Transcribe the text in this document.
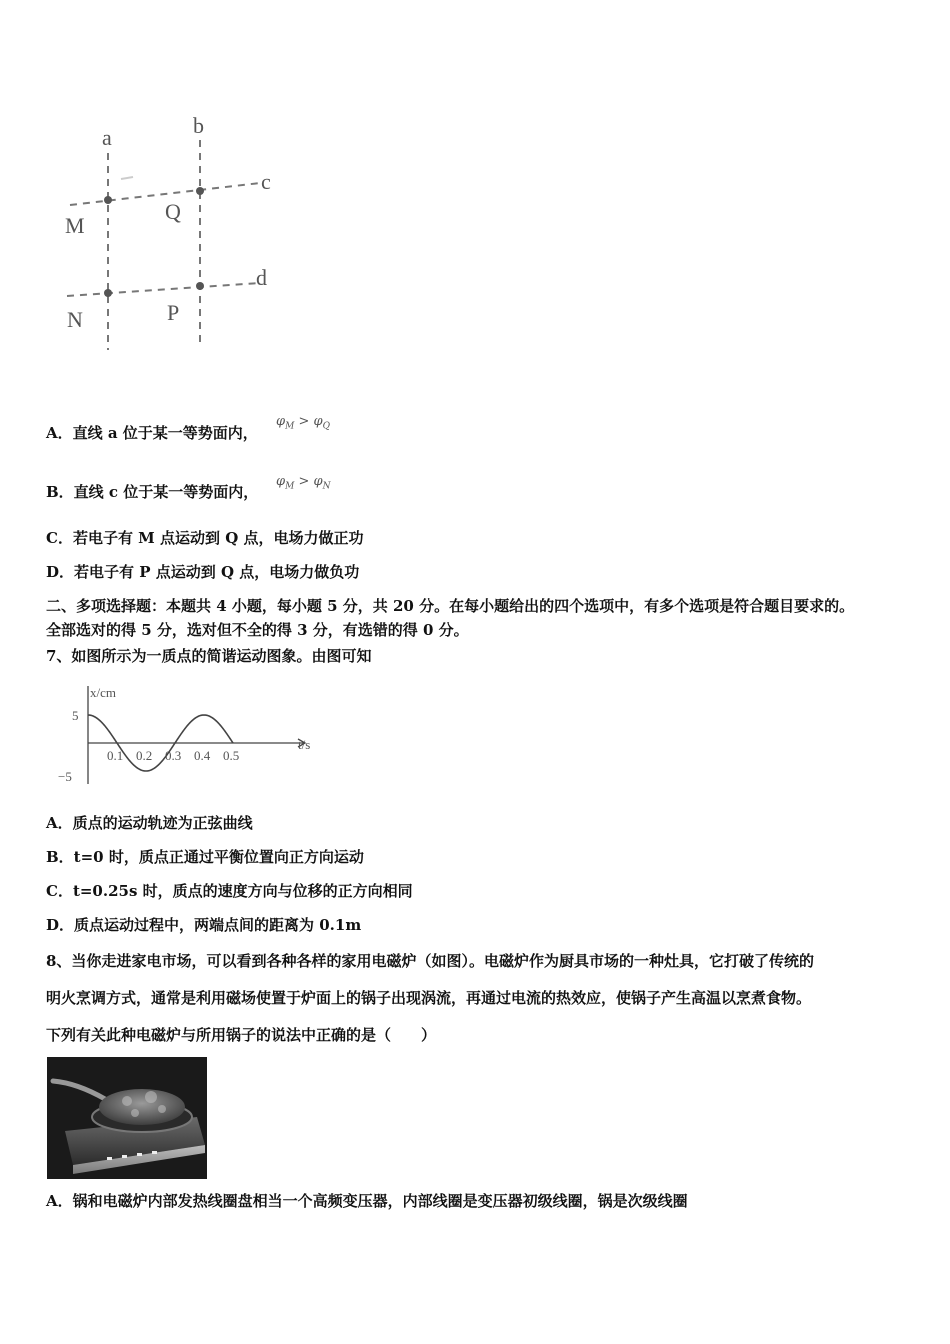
a	b
c
d
M
Q
N	P
A．直线 a 位于某一等势面内，
$\varphi_M > \varphi_Q$
B．直线 c 位于某一等势面内，
$\varphi_M > \varphi_N$
C．若电子有 M 点运动到 Q 点，电场力做正功
D．若电子有 P 点运动到 Q 点，电场力做负功
二、多项选择题：本题共 4 小题，每小题 5 分，共 20 分。在每小题给出的四个选项中，有多个选项是符合题目要求的。
全部选对的得 5 分，选对但不全的得 3 分，有选错的得 0 分。
7、如图所示为一质点的简谐运动图象。由图可知
x/cm
t/s
5
−5
0.1 0.2 0.3 0.4 0.5
A．质点的运动轨迹为正弦曲线
B．t=0 时，质点正通过平衡位置向正方向运动
C．t=0.25s 时，质点的速度方向与位移的正方向相同
D．质点运动过程中，两端点间的距离为 0.1m
8、当你走进家电市场，可以看到各种各样的家用电磁炉（如图）。电磁炉作为厨具市场的一种灶具，它打破了传统的
明火烹调方式，通常是利用磁场使置于炉面上的锅子出现涡流，再通过电流的热效应，使锅子产生高温以烹煮食物。
下列有关此种电磁炉与所用锅子的说法中正确的是（　　）
A．锅和电磁炉内部发热线圈盘相当一个高频变压器，内部线圈是变压器初级线圈，锅是次级线圈
